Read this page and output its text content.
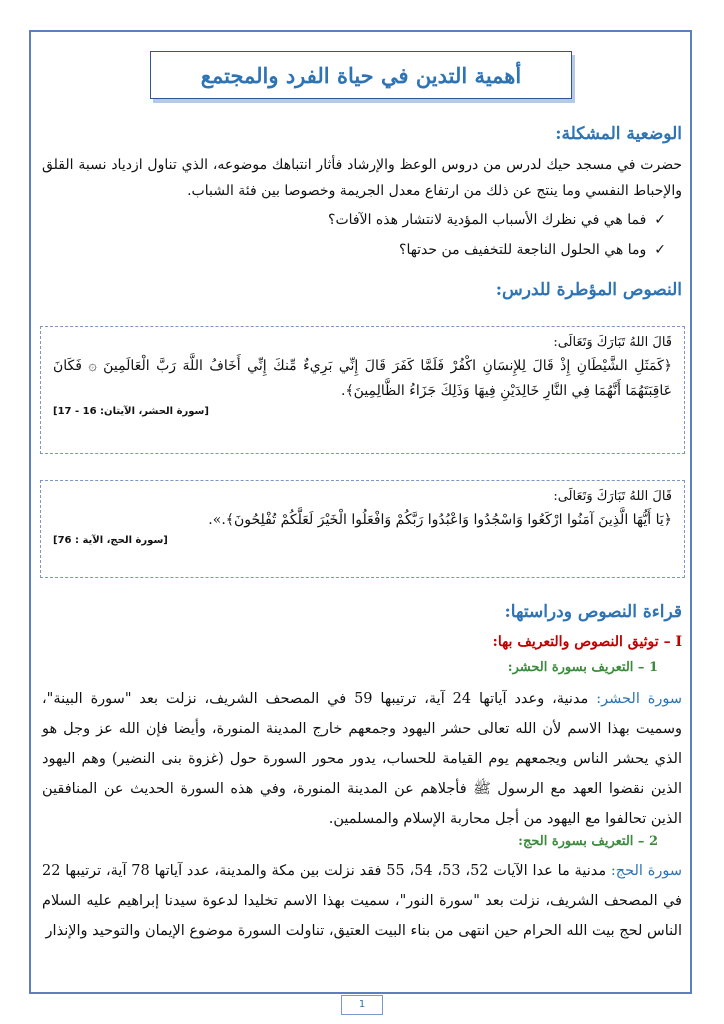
أهمية التدين في حياة الفرد والمجتمع
الوضعية المشكلة:
حضرت في مسجد حيك لدرس من دروس الوعظ والإرشاد فأثار انتباهك موضوعه، الذي تناول ازدياد نسبة القلق والإحباط النفسي وما ينتج عن ذلك من ارتفاع معدل الجريمة وخصوصا بين فئة الشباب.
✓
فما هي في نظرك الأسباب المؤدية لانتشار هذه الآفات؟
✓
وما هي الحلول الناجعة للتخفيف من حدتها؟
النصوص المؤطرة للدرس:
قَالَ اللهُ تَبَارَكَ وَتَعَالَى:
﴿كَمَثَلِ الشَّيْطَانِ إِذْ قَالَ لِلإِنسَانِ اكْفُرْ فَلَمَّا كَفَرَ قَالَ إِنِّي بَرِيءٌ مِّنكَ إِنِّي أَخَافُ اللَّهَ رَبَّ الْعَالَمِينَ ۞ فَكَانَ عَاقِبَتَهُمَا أَنَّهُمَا فِي النَّارِ خَالِدَيْنِ فِيهَا وَذَلِكَ جَزَاءُ الظَّالِمِينَ﴾.
[سورة الحشر، الآيتان: 16 - 17]
قَالَ اللهُ تَبَارَكَ وَتَعَالَى:
﴿يَا أَيُّهَا الَّذِينَ آمَنُوا ارْكَعُوا وَاسْجُدُوا وَاعْبُدُوا رَبَّكُمْ وَافْعَلُوا الْخَيْرَ لَعَلَّكُمْ تُفْلِحُونَ﴾.».
[سورة الحج، الآية : 76]
قراءة النصوص ودراستها:
I – توثيق النصوص والتعريف بها:
1 – التعريف بسورة الحشر:
سورة الحشر: مدنية، وعدد آياتها 24 آية، ترتيبها 59 في المصحف الشريف، نزلت بعد "سورة البينة"، وسميت بهذا الاسم لأن الله تعالى حشر اليهود وجمعهم خارج المدينة المنورة، وأيضا فإن الله عز وجل هو الذي يحشر الناس ويجمعهم يوم القيامة للحساب، يدور محور السورة حول (غزوة بنى النضير) وهم اليهود الذين نقضوا العهد مع الرسول ﷺ فأجلاهم عن المدينة المنورة، وفي هذه السورة الحديث عن المنافقين الذين تحالفوا مع اليهود من أجل محاربة الإسلام والمسلمين.
2 – التعريف بسورة الحج:
سورة الحج: مدنية ما عدا الآيات 52، 53، 54، 55 فقد نزلت بين مكة والمدينة، عدد آياتها 78 آية، ترتيبها 22 في المصحف الشريف، نزلت بعد "سورة النور"، سميت بهذا الاسم تخليدا لدعوة سيدنا إبراهيم عليه السلام الناس لحج بيت الله الحرام حين انتهى من بناء البيت العتيق، تناولت السورة موضوع الإيمان والتوحيد والإنذار
1
